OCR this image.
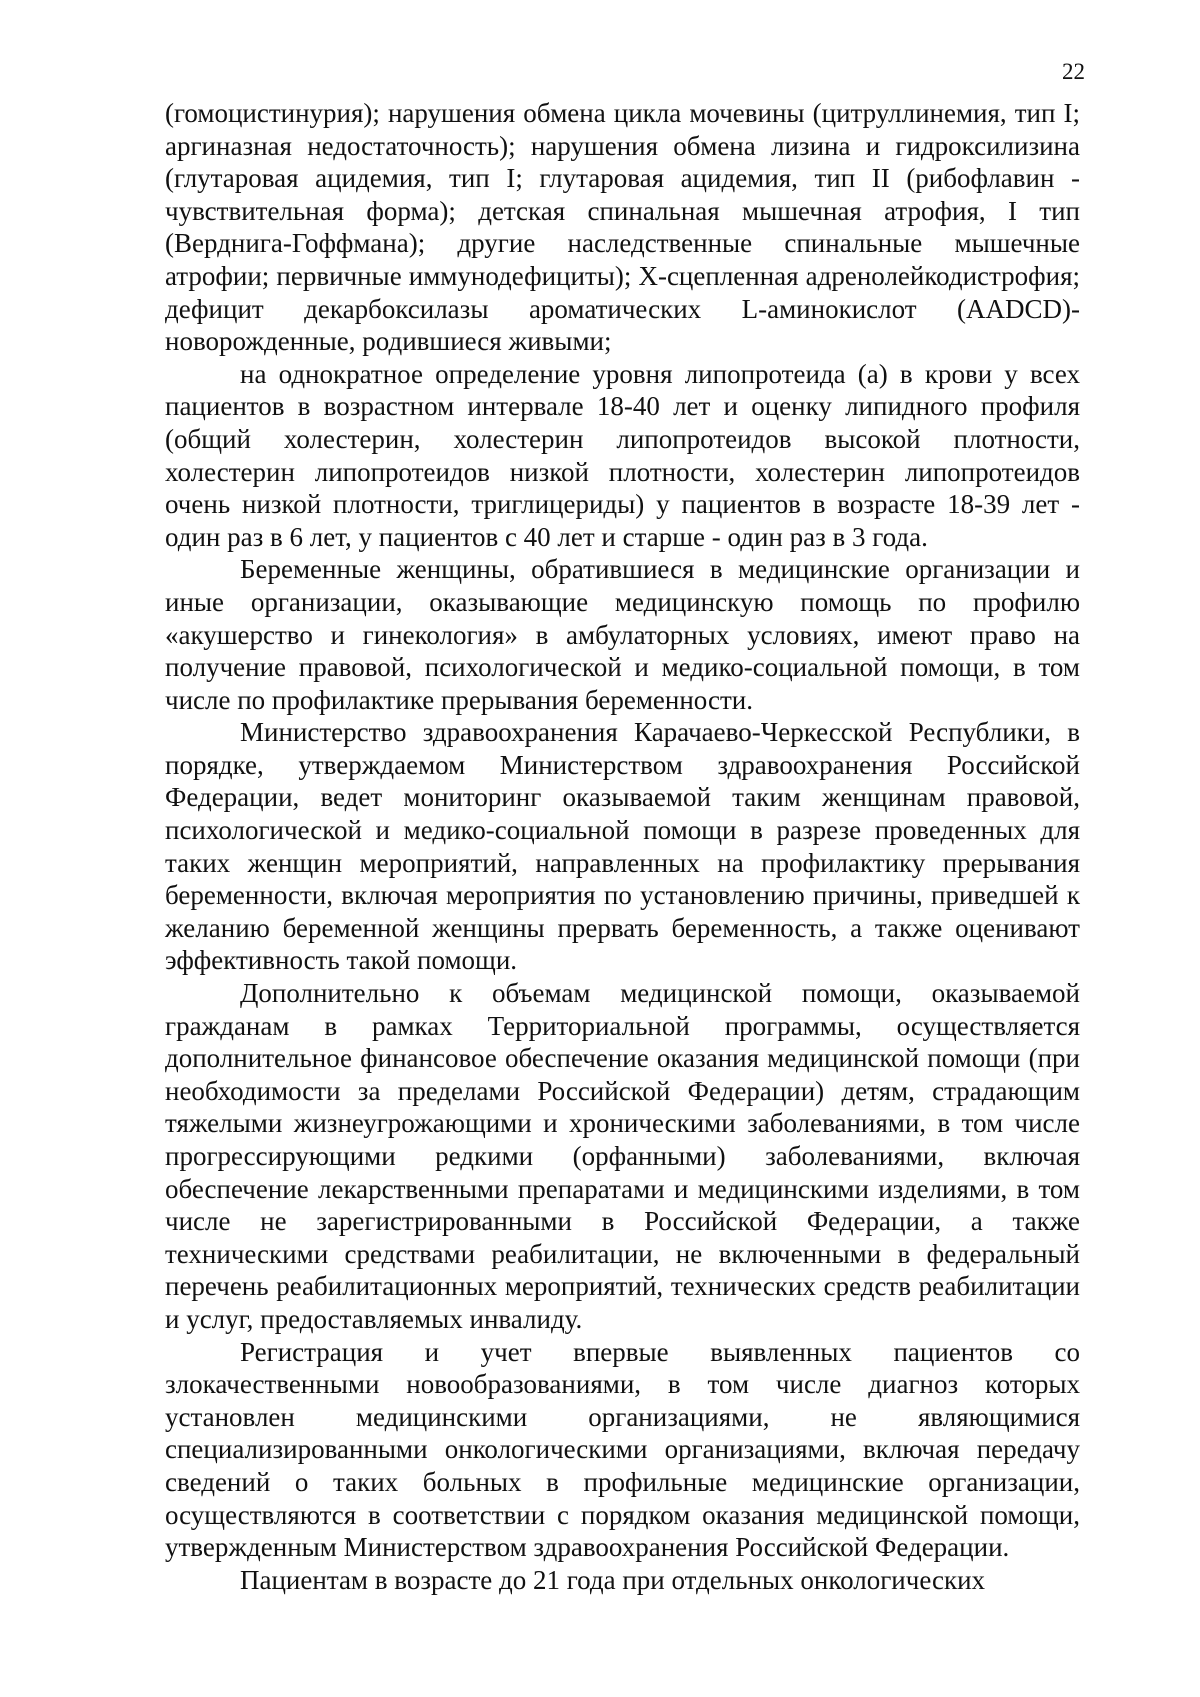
22

(гомоцистинурия); нарушения обмена цикла мочевины (цитруллинемия, тип I; аргиназная недостаточность); нарушения обмена лизина и гидроксилизина (глутаровая ацидемия, тип I; глутаровая ацидемия, тип II (рибофлавин - чувствительная форма); детская спинальная мышечная атрофия, I тип (Верднига-Гоффмана); другие наследственные спинальные мышечные атрофии; первичные иммунодефициты); Х-сцепленная адренолейкодистрофия; дефицит декарбоксилазы ароматических L-аминокислот (AADCD)- новорожденные, родившиеся живыми;

на однократное определение уровня липопротеида (а) в крови у всех пациентов в возрастном интервале 18-40 лет и оценку липидного профиля (общий холестерин, холестерин липопротеидов высокой плотности, холестерин липопротеидов низкой плотности, холестерин липопротеидов очень низкой плотности, триглицериды) у пациентов в возрасте 18-39 лет - один раз в 6 лет, у пациентов с 40 лет и старше - один раз в 3 года.

Беременные женщины, обратившиеся в медицинские организации и иные организации, оказывающие медицинскую помощь по профилю «акушерство и гинекология» в амбулаторных условиях, имеют право на получение правовой, психологической и медико-социальной помощи, в том числе по профилактике прерывания беременности.

Министерство здравоохранения Карачаево-Черкесской Республики, в порядке, утверждаемом Министерством здравоохранения Российской Федерации, ведет мониторинг оказываемой таким женщинам правовой, психологической и медико-социальной помощи в разрезе проведенных для таких женщин мероприятий, направленных на профилактику прерывания беременности, включая мероприятия по установлению причины, приведшей к желанию беременной женщины прервать беременность, а также оценивают эффективность такой помощи.

Дополнительно к объемам медицинской помощи, оказываемой гражданам в рамках Территориальной программы, осуществляется дополнительное финансовое обеспечение оказания медицинской помощи (при необходимости за пределами Российской Федерации) детям, страдающим тяжелыми жизнеугрожающими и хроническими заболеваниями, в том числе прогрессирующими редкими (орфанными) заболеваниями, включая обеспечение лекарственными препаратами и медицинскими изделиями, в том числе не зарегистрированными в Российской Федерации, а также техническими средствами реабилитации, не включенными в федеральный перечень реабилитационных мероприятий, технических средств реабилитации и услуг, предоставляемых инвалиду.

Регистрация и учет впервые выявленных пациентов со злокачественными новообразованиями, в том числе диагноз которых установлен медицинскими организациями, не являющимися специализированными онкологическими организациями, включая передачу сведений о таких больных в профильные медицинские организации, осуществляются в соответствии с порядком оказания медицинской помощи, утвержденным Министерством здравоохранения Российской Федерации.

Пациентам в возрасте до 21 года при отдельных онкологических
